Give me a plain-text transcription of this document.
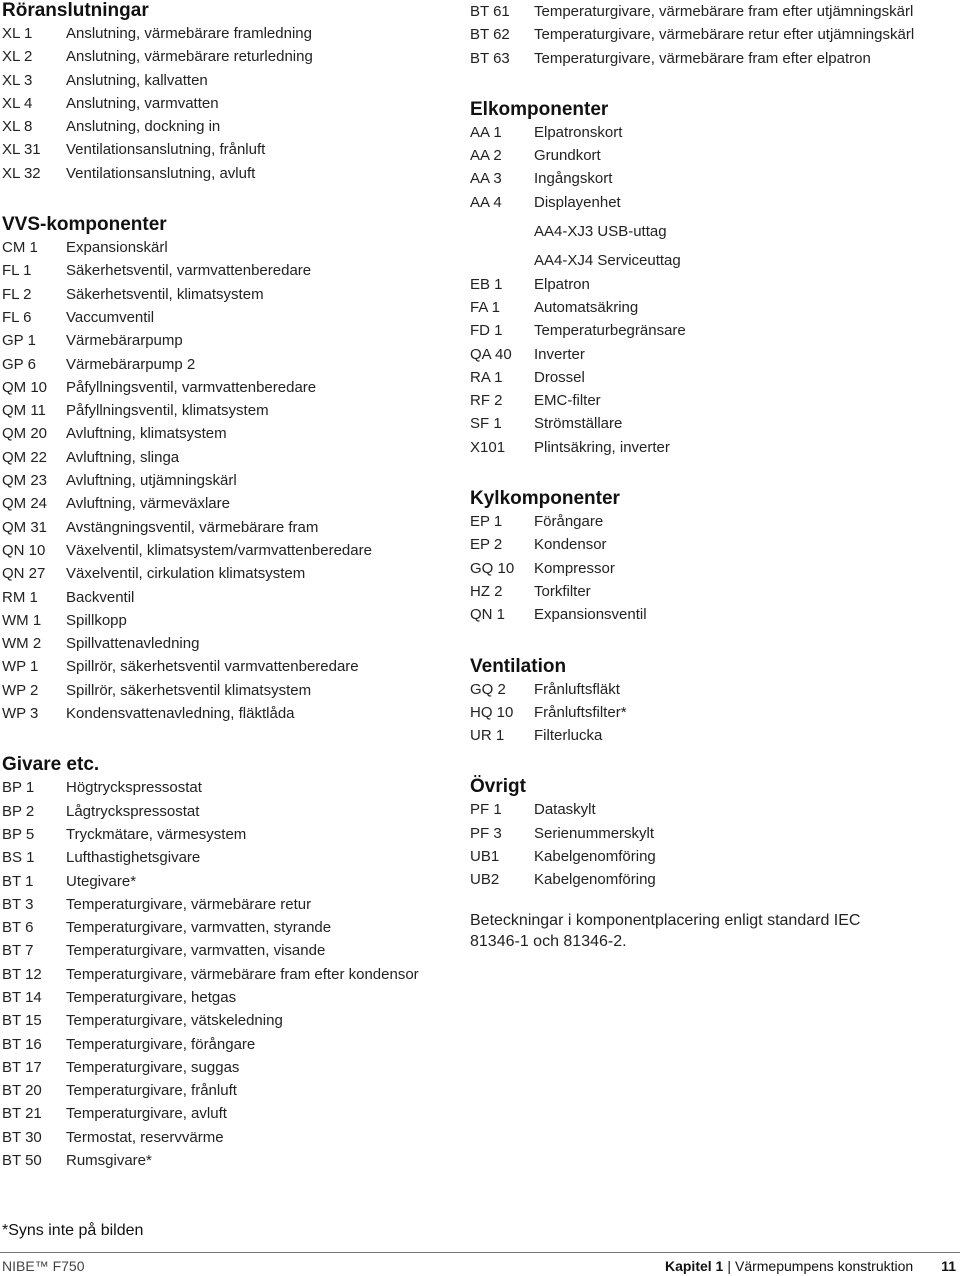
Röranslutningar
XL 1	Anslutning, värmebärare framledning
XL 2	Anslutning, värmebärare returledning
XL 3	Anslutning, kallvatten
XL 4	Anslutning, varmvatten
XL 8	Anslutning, dockning in
XL 31	Ventilationsanslutning, frånluft
XL 32	Ventilationsanslutning, avluft
VVS-komponenter
CM 1	Expansionskärl
FL 1	Säkerhetsventil, varmvattenberedare
FL 2	Säkerhetsventil, klimatsystem
FL 6	Vaccumventil
GP 1	Värmebärarpump
GP 6	Värmebärarpump 2
QM 10	Påfyllningsventil, varmvattenberedare
QM 11	Påfyllningsventil, klimatsystem
QM 20	Avluftning, klimatsystem
QM 22	Avluftning, slinga
QM 23	Avluftning, utjämningskärl
QM 24	Avluftning, värmeväxlare
QM 31	Avstängningsventil, värmebärare fram
QN 10	Växelventil, klimatsystem/varmvattenberedare
QN 27	Växelventil, cirkulation klimatsystem
RM 1	Backventil
WM 1	Spillkopp
WM 2	Spillvattenavledning
WP 1	Spillrör, säkerhetsventil varmvattenberedare
WP 2	Spillrör, säkerhetsventil klimatsystem
WP 3	Kondensvattenavledning, fläktlåda
Givare etc.
BP 1	Högtryckspressostat
BP 2	Lågtryckspressostat
BP 5	Tryckmätare, värmesystem
BS 1	Lufthastighetsgivare
BT 1	Utegivare*
BT 3	Temperaturgivare, värmebärare retur
BT 6	Temperaturgivare, varmvatten, styrande
BT 7	Temperaturgivare, varmvatten, visande
BT 12	Temperaturgivare, värmebärare fram efter kondensor
BT 14	Temperaturgivare, hetgas
BT 15	Temperaturgivare, vätskeledning
BT 16	Temperaturgivare, förångare
BT 17	Temperaturgivare, suggas
BT 20	Temperaturgivare, frånluft
BT 21	Temperaturgivare, avluft
BT 30	Termostat, reservvärme
BT 50	Rumsgivare*
BT 61	Temperaturgivare, värmebärare fram efter utjämningskärl
BT 62	Temperaturgivare, värmebärare retur efter utjämningskärl
BT 63	Temperaturgivare, värmebärare fram efter elpatron
Elkomponenter
AA 1	Elpatronskort
AA 2	Grundkort
AA 3	Ingångskort
AA 4	Displayenhet
AA4-XJ3 USB-uttag
AA4-XJ4 Serviceuttag
EB 1	Elpatron
FA 1	Automatsäkring
FD 1	Temperaturbegränsare
QA 40	Inverter
RA 1	Drossel
RF 2	EMC-filter
SF 1	Strömställare
X101	Plintsäkring, inverter
Kylkomponenter
EP 1	Förångare
EP 2	Kondensor
GQ 10	Kompressor
HZ 2	Torkfilter
QN 1	Expansionsventil
Ventilation
GQ 2	Frånluftsfläkt
HQ 10	Frånluftsfilter*
UR 1	Filterlucka
Övrigt
PF 1	Dataskylt
PF 3	Serienummerskylt
UB1	Kabelgenomföring
UB2	Kabelgenomföring

Beteckningar i komponentplacering enligt standard IEC 81346-1 och 81346-2.

*Syns inte på bilden
NIBE™ F750	Kapitel 1 | Värmepumpens konstruktion 11
